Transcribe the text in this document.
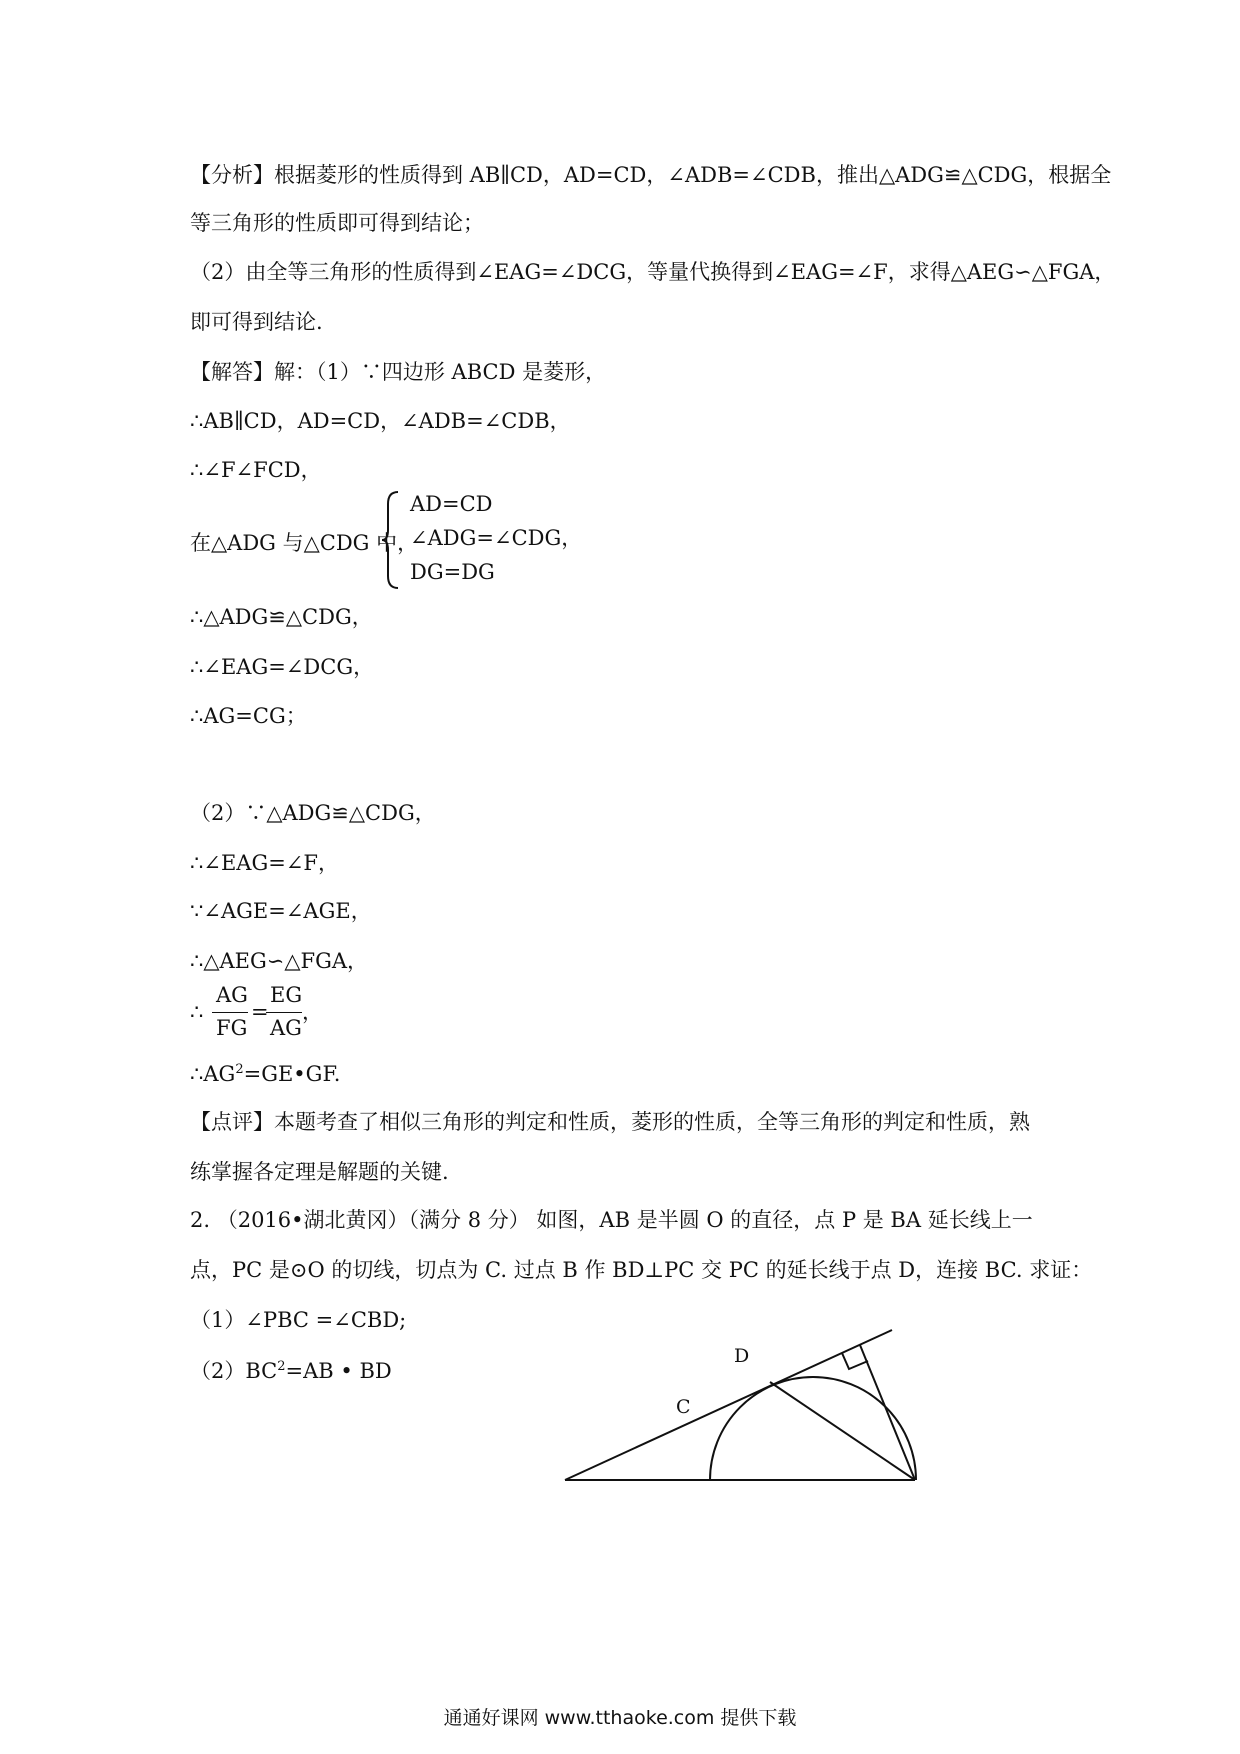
【分析】根据菱形的性质得到 AB∥CD，AD=CD，∠ADB=∠CDB，推出△ADG≌△CDG，根据全
等三角形的性质即可得到结论；
（2）由全等三角形的性质得到∠EAG=∠DCG，等量代换得到∠EAG=∠F，求得△AEG∽△FGA，
即可得到结论.
【解答】解：（1）∵四边形 ABCD 是菱形，
∴AB∥CD，AD=CD，∠ADB=∠CDB，
∴∠F∠FCD，
在△ADG 与△CDG 中，
AD=CD
∠ADG=∠CDG，
DG=DG
∴△ADG≌△CDG，
∴∠EAG=∠DCG，
∴AG=CG；
（2）∵△ADG≌△CDG，
∴∠EAG=∠F，
∵∠AGE=∠AGE，
∴△AEG∽△FGA，
∴
AG
FG
=
EG
AG
，
$\therefore AG^2=GE•GF$.
【点评】本题考查了相似三角形的判定和性质，菱形的性质，全等三角形的判定和性质，熟
练掌握各定理是解题的关键.
2. （2016•湖北黄冈）（满分 8 分） 如图，AB 是半圆 O 的直径，点 P 是 BA 延长线上一
点，PC 是⊙O 的切线，切点为 C. 过点 B 作 BD⊥PC 交 PC 的延长线于点 D，连接 BC. 求证：
（1）∠PBC =∠CBD;
$(2)BC^2=AB$ • BD
D
C
通通好课网 www.tthaoke.com 提供下载
